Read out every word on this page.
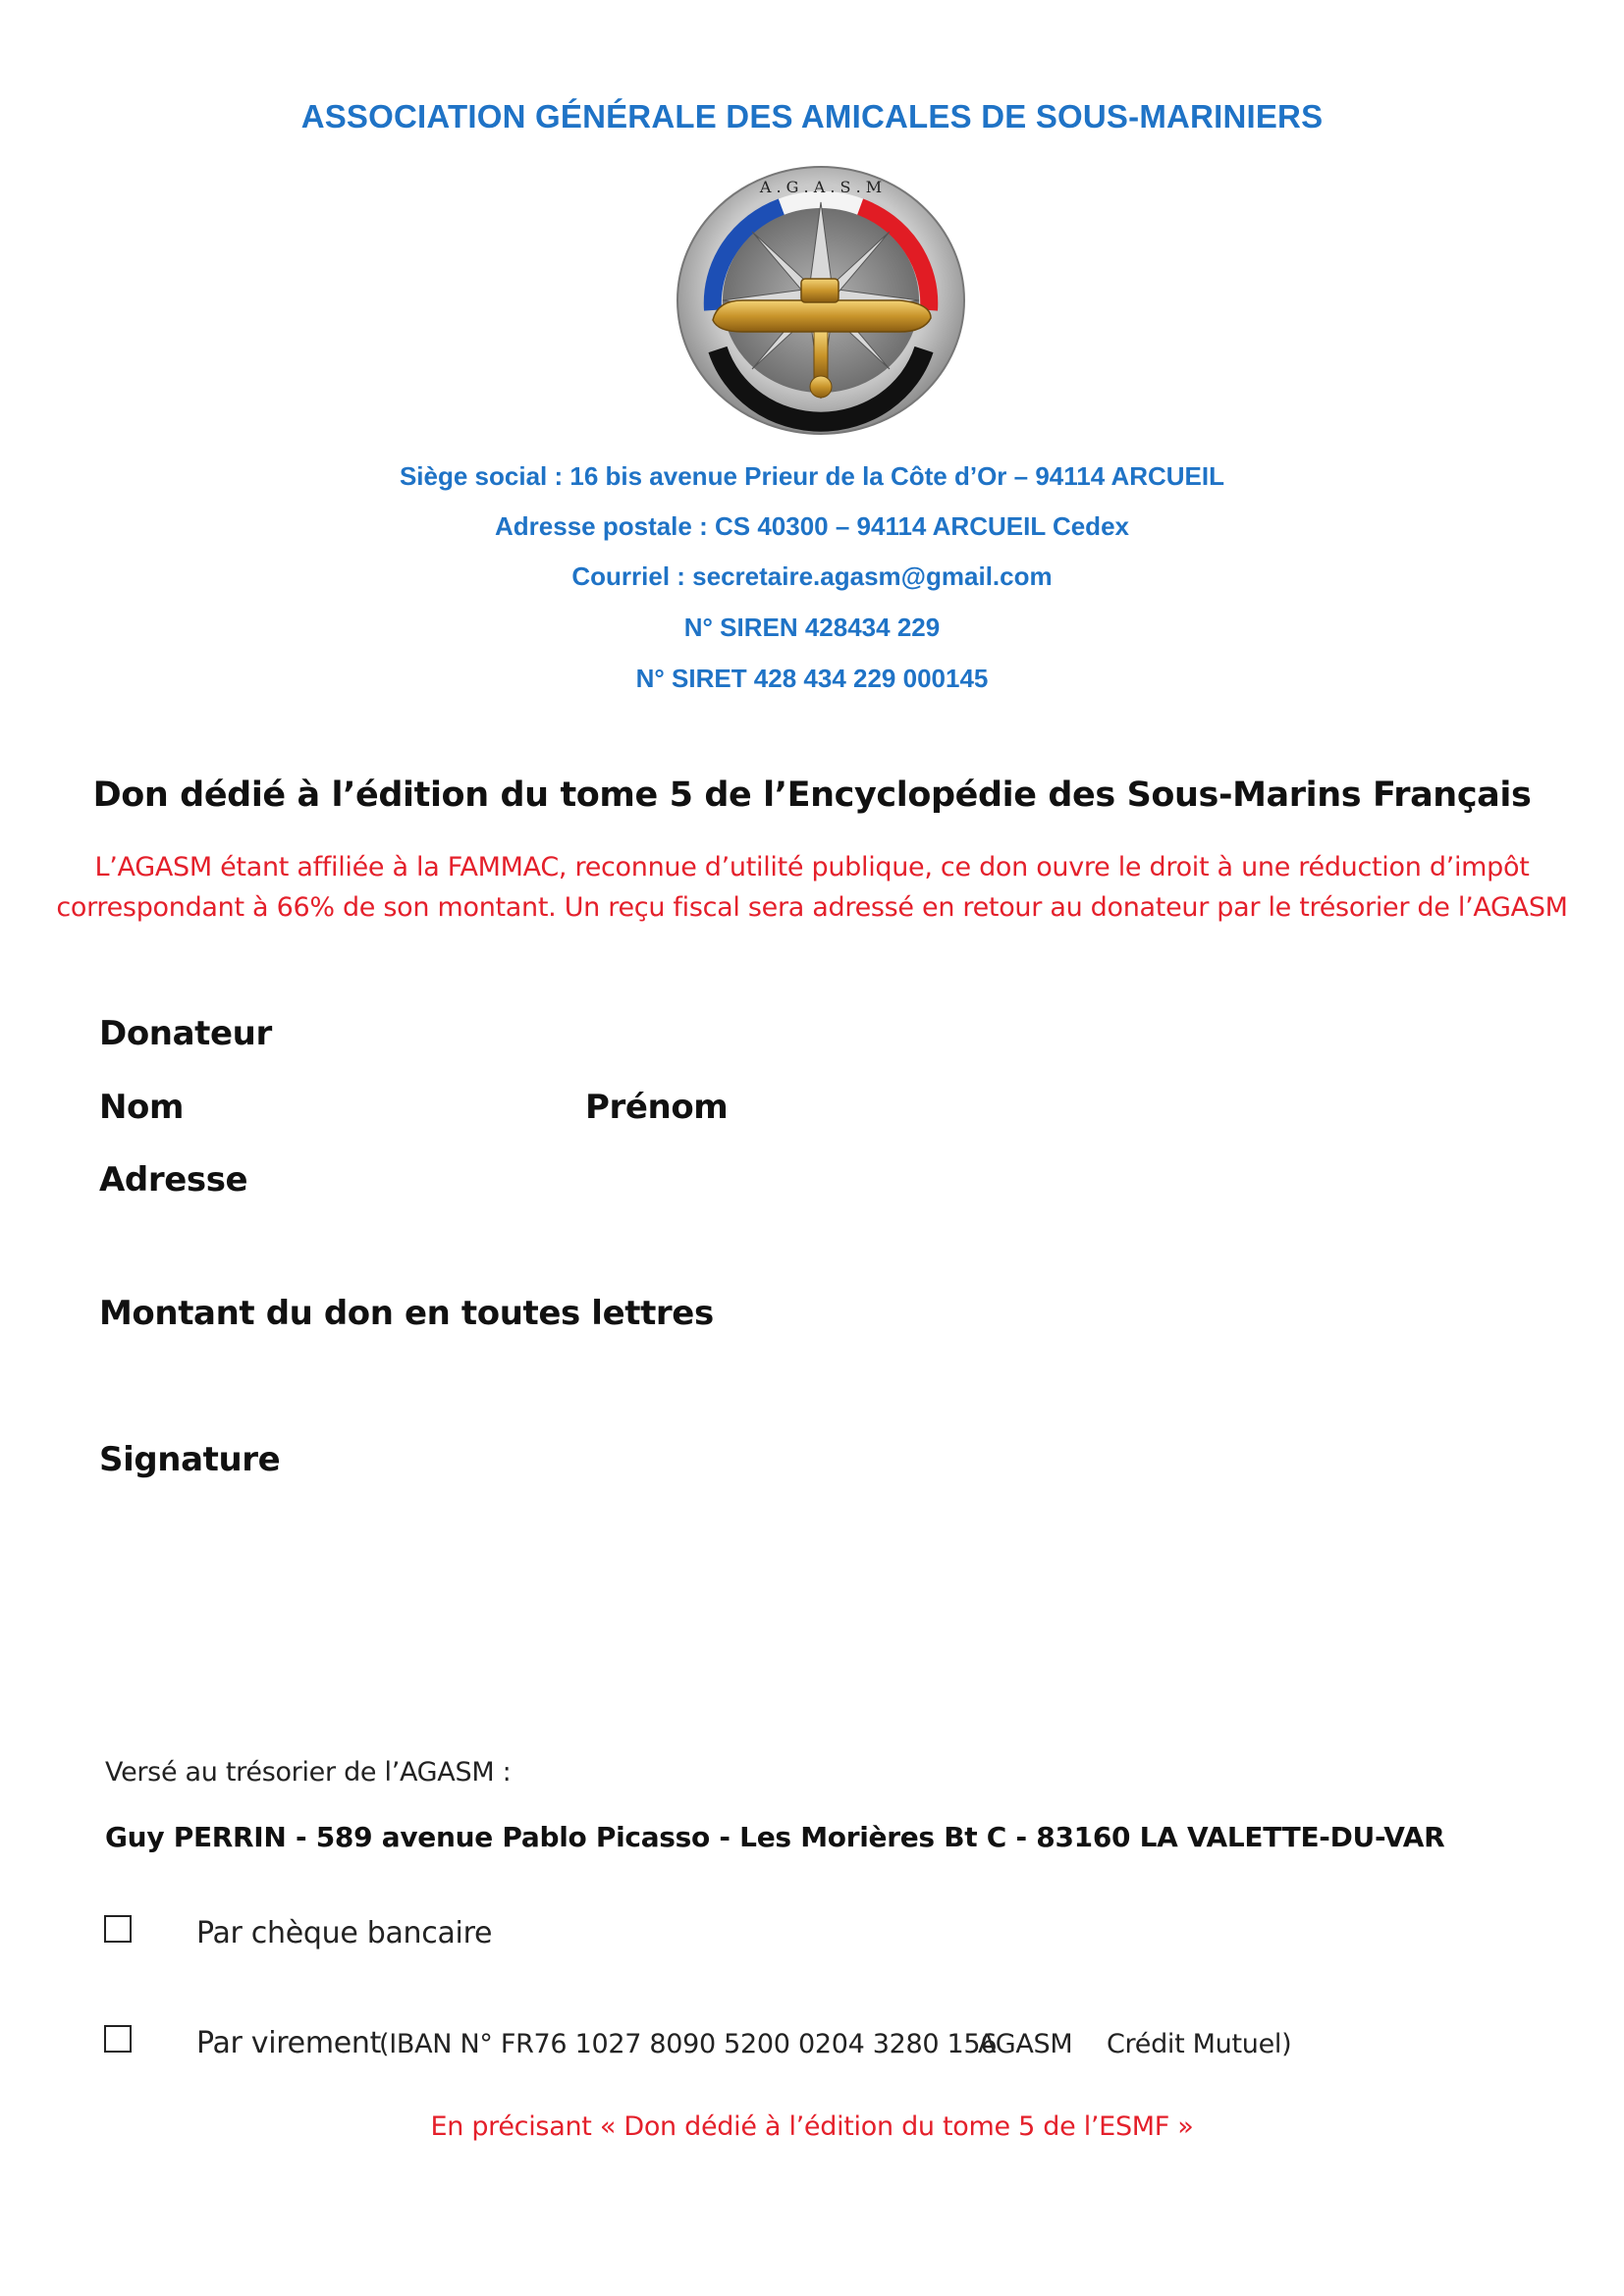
ASSOCIATION GÉNÉRALE DES AMICALES DE SOUS-MARINIERS
A . G . A . S . M
Siège social : 16 bis avenue Prieur de la Côte d’Or – 94114 ARCUEIL
Adresse postale : CS 40300 – 94114 ARCUEIL Cedex
Courriel : secretaire.agasm@gmail.com
N° SIREN 428434 229
N° SIRET 428 434 229 000145
Don dédié à l’édition du tome 5 de l’Encyclopédie des Sous-Marins Français
L’AGASM étant affiliée à la FAMMAC, reconnue d’utilité publique, ce don ouvre le droit à une réduction d’impôt
correspondant à 66% de son montant. Un reçu fiscal sera adressé en retour au donateur par le trésorier de l’AGASM
Donateur
Nom	Prénom
Adresse
Montant du don en toutes lettres
Signature
Versé au trésorier de l’AGASM :
Guy PERRIN - 589 avenue Pablo Picasso - Les Morières Bt C - 83160 LA VALETTE-DU-VAR
Par chèque bancaire
Par virement
(IBAN N° FR76 1027 8090 5200 0204 3280 156
AGASM Crédit Mutuel)
En précisant « Don dédié à l’édition du tome 5 de l’ESMF »
